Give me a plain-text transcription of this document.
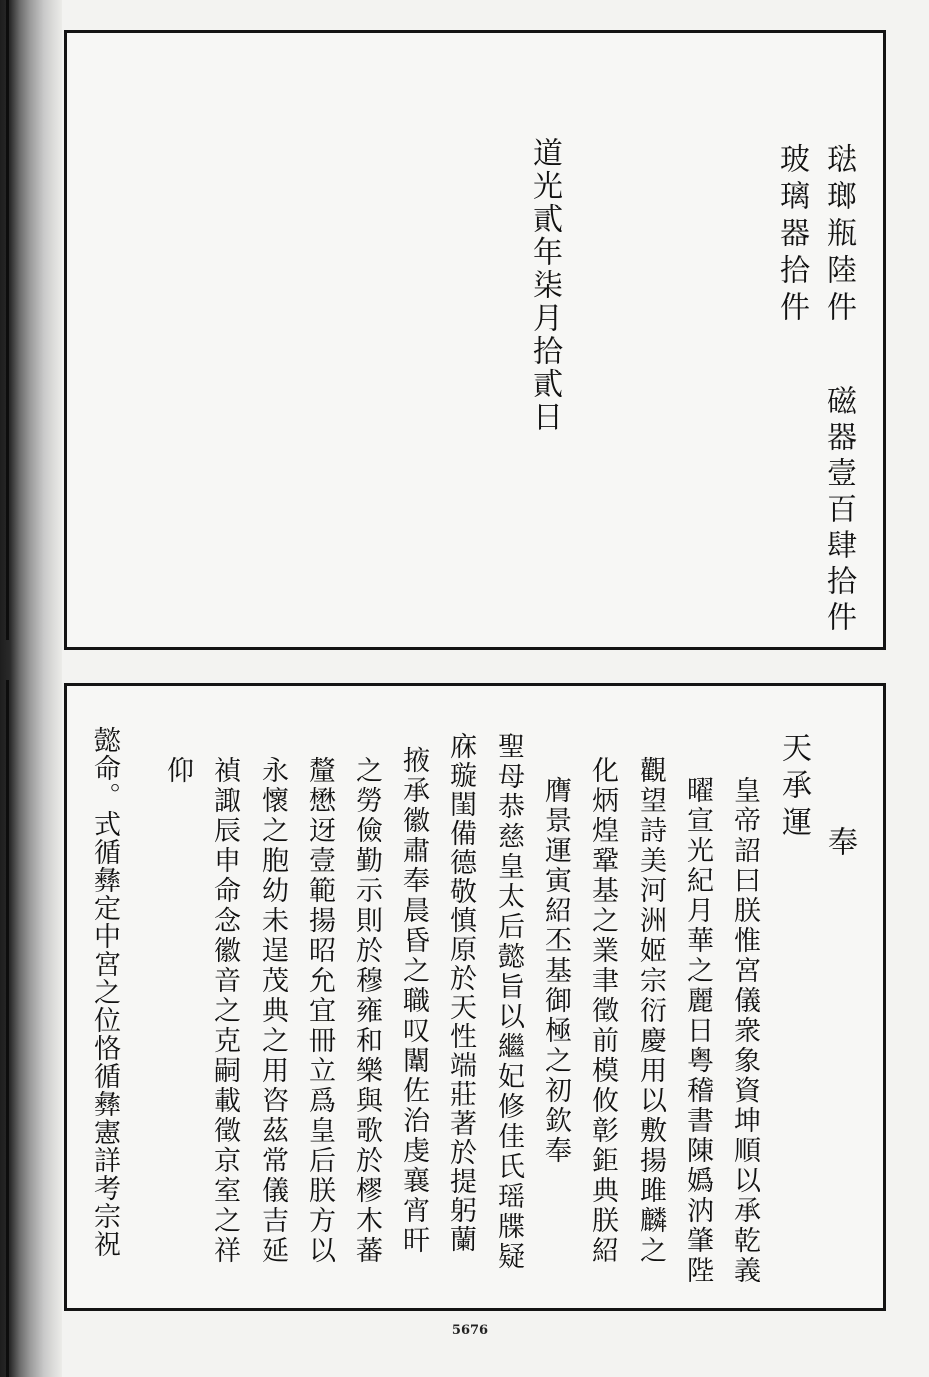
琺瑯瓶陸件
玻璃器拾件
磁器壹百肆拾件
道光貳年柒月拾貳日
天承運
奉
皇帝詔曰朕惟宮儀衆象資坤順以承乾義
曜宣光紀月華之麗日粤稽書陳嬀汭肇陛
觀望詩美河洲姬宗衍慶用以敷揚雎麟之
化炳煌鞏基之業聿徵前模攸彰鉅典朕紹
膺景運寅紹丕基御極之初欽奉
聖母恭慈皇太后懿旨以繼妃修佳氏瑶牒疑
庥璇閨備德敬慎原於天性端莊著於提躬蘭
掖承徽肅奉晨昏之職叹闈佐治虔襄宵旰
之勞儉勤示則於穆雍和樂與歌於樛木蕃
釐懋迓壹範揚昭允宜冊立爲皇后朕方以
永懷之胞幼未逞茂典之用咨茲常儀吉延
禎諏辰申命念徽音之克嗣載徵京室之祥
仰
懿命。式循彝定中宮之位恪循彝憲詳考宗祝
5676
